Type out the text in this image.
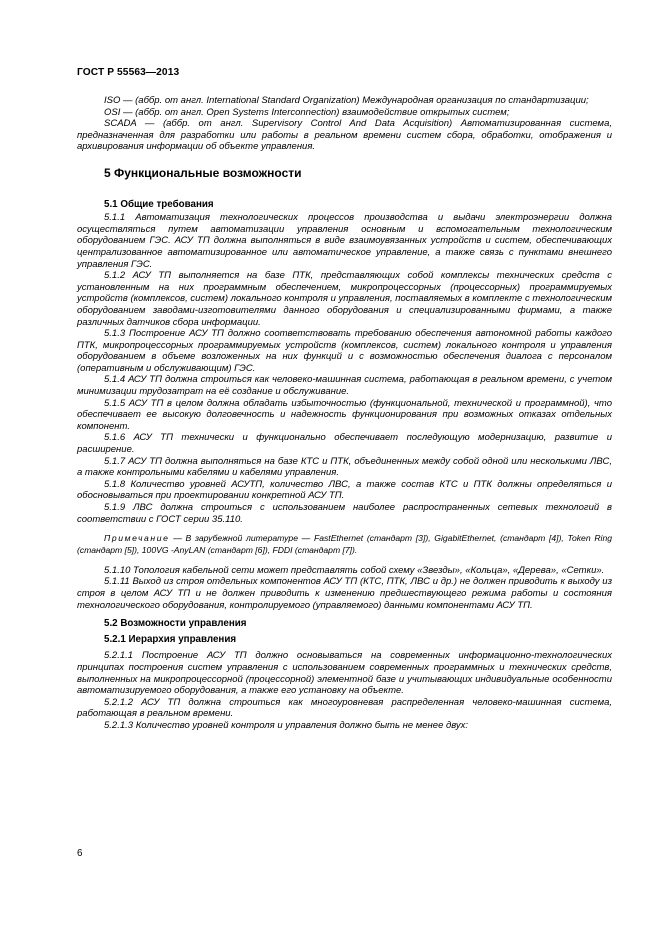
ГОСТ Р 55563—2013

ISO — (аббр. от англ. International Standard Organization) Международная организация по стандартизации;

OSI — (аббр. от англ. Open Systems Interconnection) взаимодействие открытых систем;

SCADA — (аббр. от англ. Supervisory Control And Data Acquisition) Автоматизированная система, предназначенная для разработки или работы в реальном времени систем сбора, обработки, отображения и архивирования информации об объекте управления.

5 Функциональные возможности
5.1 Общие требования

5.1.1 Автоматизация технологических процессов производства и выдачи электроэнергии должна осуществляться путем автоматизации управления основным и вспомогательным технологическим оборудованием ГЭС. АСУ ТП должна выполняться в виде взаимоувязанных устройств и систем, обеспечивающих централизованное автоматизированное или автоматическое управление, а также связь с пунктами внешнего управления ГЭС.

5.1.2 АСУ ТП выполняется на базе ПТК, представляющих собой комплексы технических средств с установленным на них программным обеспечением, микропроцессорных (процессорных) программируемых устройств (комплексов, систем) локального контроля и управления, поставляемых в комплекте с технологическим оборудованием заводами-изготовителями данного оборудования и специализированными фирмами, а также различных датчиков сбора информации.

5.1.3 Построение АСУ ТП должно соответствовать требованию обеспечения автономной работы каждого ПТК, микропроцессорных программируемых устройств (комплексов, систем) локального контроля и управления оборудованием в объеме возложенных на них функций и с возможностью обеспечения диалога с персоналом (оперативным и обслуживающим) ГЭС.

5.1.4 АСУ ТП должна строиться как человеко-машинная система, работающая в реальном времени, с учетом минимизации трудозатрат на её создание и обслуживание.

5.1.5 АСУ ТП в целом должна обладать избыточностью (функциональной, технической и программной), что обеспечивает ее высокую долговечность и надежность функционирования при возможных отказах отдельных компонент.

5.1.6 АСУ ТП технически и функционально обеспечивает последующую модернизацию, развитие и расширение.

5.1.7 АСУ ТП должна выполняться на базе КТС и ПТК, объединенных между собой одной или несколькими ЛВС, а также контрольными кабелями и кабелями управления.

5.1.8 Количество уровней АСУТП, количество ЛВС, а также состав КТС и ПТК должны определяться и обосновываться при проектировании конкретной АСУ ТП.

5.1.9 ЛВС должна строиться с использованием наиболее распространенных сетевых технологий в соответствии с ГОСТ серии 35.110.

Примечание — В зарубежной литературе — FastEthernet (стандарт [3]), GigabitEthernet, (стандарт [4]), Token Ring (стандарт [5]), 100VG -AnyLAN (стандарт [6]), FDDI (стандарт [7]).

5.1.10 Топология кабельной сети может представлять собой схему «Звезды», «Кольца», «Дерева», «Сетки».

5.1.11 Выход из строя отдельных компонентов АСУ ТП (КТС, ПТК, ЛВС и др.) не должен приводить к выходу из строя в целом АСУ ТП и не должен приводить к изменению предшествующего режима работы и состояния технологического оборудования, контролируемого (управляемого) данными компонентами АСУ ТП.

5.2 Возможности управления
5.2.1 Иерархия управления

5.2.1.1 Построение АСУ ТП должно основываться на современных информационно-технологических принципах построения систем управления с использованием современных программных и технических средств, выполненных на микропроцессорной (процессорной) элементной базе и учитывающих индивидуальные особенности автоматизируемого оборудования, а также его установку на объекте.

5.2.1.2 АСУ ТП должна строиться как многоуровневая распределенная человеко-машинная система, работающая в реальном времени.

5.2.1.3 Количество уровней контроля и управления должно быть не менее двух:

6
